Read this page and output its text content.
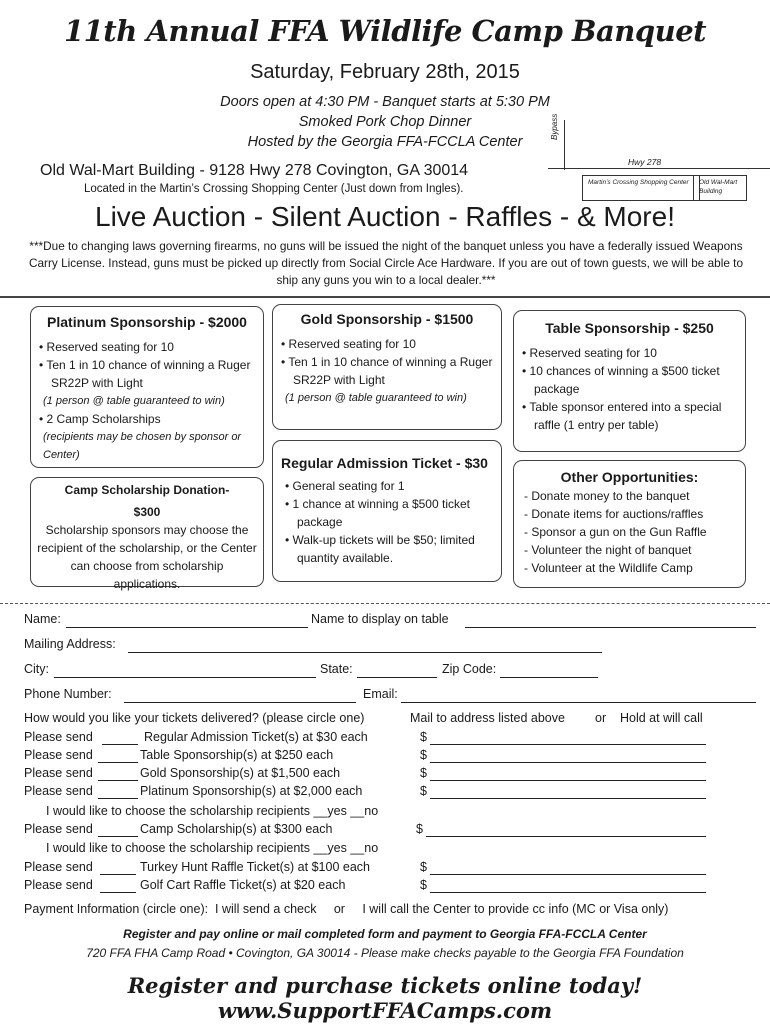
11th Annual FFA Wildlife Camp Banquet
Saturday, February 28th, 2015
Doors open at 4:30 PM - Banquet starts at 5:30 PM
Smoked Pork Chop Dinner
Hosted by the Georgia FFA-FCCLA Center
Old Wal-Mart Building - 9128 Hwy 278 Covington, GA 30014
Located in the Martin’s Crossing Shopping Center (Just down from Ingles).
Bypass
Hwy 278
Martin’s Crossing Shopping Center	Old Wal-Mart Building
Live Auction - Silent Auction - Raffles - & More!
***Due to changing laws governing firearms, no guns will be issued the night of the banquet unless you have a federally issued Weapons Carry License. Instead, guns must be picked up directly from Social Circle Ace Hardware. If you are out of town guests, we will be able to ship any guns you win to a local dealer.***
Platinum Sponsorship - $2000
• Reserved seating for 10
• Ten 1 in 10 chance of winning a Ruger SR22P with Light
(1 person @ table guaranteed to win)
• 2 Camp Scholarships
(recipients may be chosen by sponsor or Center)
Gold Sponsorship - $1500
• Reserved seating for 10
• Ten 1 in 10 chance of winning a Ruger SR22P with Light
(1 person @ table guaranteed to win)
Table Sponsorship - $250
• Reserved seating for 10
• 10 chances of winning a $500 ticket package
• Table sponsor entered into a special raffle (1 entry per table)
Camp Scholarship Donation-
$300
Scholarship sponsors may choose the recipient of the scholarship, or the Center can choose from scholarship applications.
Regular Admission Ticket - $30
• General seating for 1
• 1 chance at winning a $500 ticket package
• Walk-up tickets will be $50; limited quantity available.
Other Opportunities:
- Donate money to the banquet
- Donate items for auctions/raffles
- Sponsor a gun on the Gun Raffle
- Volunteer the night of banquet
- Volunteer at the Wildlife Camp
Name:	Name to display on table
Mailing Address:
City:	State:	Zip Code:
Phone Number:	Email:
How would you like your tickets delivered? (please circle one)	Mail to address listed above or Hold at will call
Please send	Regular Admission Ticket(s) at $30 each	$
Please send	Table Sponsorship(s) at $250 each	$
Please send	Gold Sponsorship(s) at $1,500 each	$
Please send	Platinum Sponsorship(s) at $2,000 each	$
I would like to choose the scholarship recipients __yes __no
Please send	Camp Scholarship(s) at $300 each	$
I would like to choose the scholarship recipients __yes __no
Please send	Turkey Hunt Raffle Ticket(s) at $100 each	$
Please send	Golf Cart Raffle Ticket(s) at $20 each	$
Payment Information (circle one):  I will send a check     or     I will call the Center to provide cc info (MC or Visa only)
Register and pay online or mail completed form and payment to Georgia FFA-FCCLA Center
720 FFA FHA Camp Road • Covington, GA 30014 - Please make checks payable to the Georgia FFA Foundation
Register and purchase tickets online today! www.SupportFFACamps.com
